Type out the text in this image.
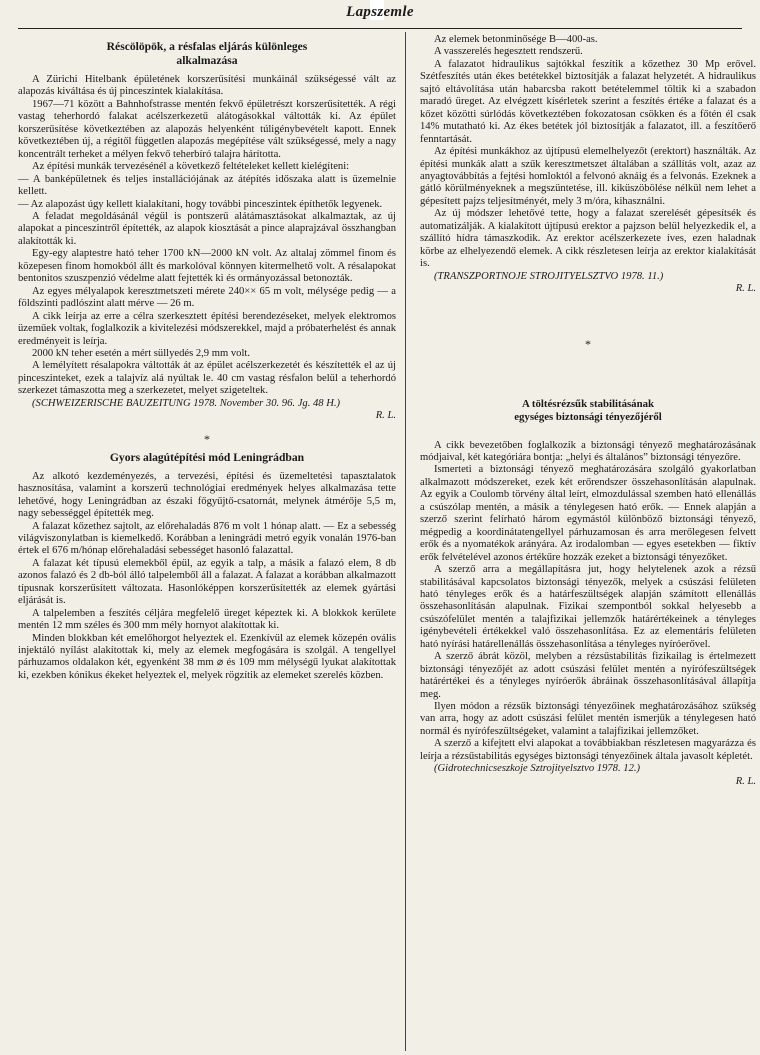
Lapszemle
Réscölöpök, a résfalas eljárás különleges
alkalmazása

A Zürichi Hitelbank épületének korszerűsítési munkáinál szükségessé vált az alapozás kiváltása és új pinceszintek kialakítása.

1967—71 között a Bahnhofstrasse mentén fekvő épületrészt korszerűsítették. A régi vastag teherhordó falakat acélszerkezetű alátogásokkal váltották ki. Az épület korszerűsítése következtében az alapozás helyenként túligénybevételt kapott. Ennek következtében új, a régitől független alapozás megépítése vált szükségessé, mely a nagy koncentrált terheket a mélyen fekvő teherbíró talajra hárította.

Az építési munkák tervezésénél a következő feltételeket kellett kielégíteni:

— A banképületnek és teljes installációjának az átépítés időszaka alatt is üzemelnie kellett.

— Az alapozást úgy kellett kialakítani, hogy további pinceszintek építhetők legyenek.

A feladat megoldásánál végül is pontszerű alátámasztásokat alkalmaztak, az új alapokat a pinceszintről építették, az alapok kiosztását a pince alaprajzával összhangban alakították ki.

Egy-egy alaptestre ható teher 1700 kN—2000 kN volt. Az altalaj zömmel finom és közepesen finom homokból állt és markolóval könnyen kitermelhető volt. A résalapokat bentonitos szuszpenzió védelme alatt fejtették ki és ormányozással betonozták.

Az egyes mélyalapok keresztmetszeti mérete 240×× 65 m volt, mélysége pedig — a földszinti padlószint alatt mérve — 26 m.

A cikk leírja az erre a célra szerkesztett építési berendezéseket, melyek elektromos üzeműek voltak, foglalkozik a kivitelezési módszerekkel, majd a próbaterhelést és annak eredményeit is leírja.

2000 kN teher esetén a mért süllyedés 2,9 mm volt.

A lemélyített résalapokra váltották át az épület acélszerkezetét és készítették el az új pinceszinteket, ezek a talajvíz alá nyúltak le. 40 cm vastag résfalon belül a teherhordó szerkezet támaszotta meg a szerkezetet, melyet szigeteltek.

(SCHWEIZERISCHE BAUZEITUNG 1978. November 30. 96. Jg. 48 H.)

R. L.
*
Gyors alagútépítési mód Leningrádban

Az alkotó kezdeményezés, a tervezési, építési és üzemeltetési tapasztalatok hasznosítása, valamint a korszerű technológiai eredmények helyes alkalmazása tette lehetővé, hogy Leningrádban az északi főgyűjtő-csatornát, melynek átmérője 5,5 m, nagy sebességgel építették meg.

A falazat kőzethez sajtolt, az előrehaladás 876 m volt 1 hónap alatt. — Ez a sebesség világviszonylatban is kiemelkedő. Korábban a leningrádi metró egyik vonalán 1976-ban értek el 676 m/hónap előrehaladási sebességet hasonló falazattal.

A falazat két típusú elemekből épül, az egyik a talp, a másik a falazó elem, 8 db azonos falazó és 2 db-ból álló talpelemből áll a falazat. A falazat a korábban alkalmazott típusnak korszerűsített változata. Hasonlóképpen korszerűsítették az elemek gyártási eljárását is.

A talpelemben a feszítés céljára megfelelő üreget képeztek ki. A blokkok kerülete mentén 12 mm széles és 300 mm mély hornyot alakítottak ki.

Minden blokkban két emelőhorgot helyeztek el. Ezenkívül az elemek közepén ovális injektáló nyílást alakítottak ki, mely az elemek megfogására is szolgál. A tengellyel párhuzamos oldalakon két, egyenként 38 mm ⌀ és 109 mm mélységű lyukat alakítottak ki, ezekben kónikus ékeket helyeztek el, melyek rögzítik az elemeket szerelés közben.

Az elemek betonminősége B—400-as.

A vasszerelés hegesztett rendszerű.

A falazatot hidraulikus sajtókkal feszítik a kőzethez 30 Mp erővel. Szétfeszítés után ékes betétekkel biztosítják a falazat helyzetét. A hidraulikus sajtó eltávolítása után habarcsba rakott betételemmel töltik ki a szabadon maradó üreget. Az elvégzett kísérletek szerint a feszítés értéke a falazat és a kőzet közötti súrlódás következtében fokozatosan csökken és a főtén él csak 14% mutatható ki. Az ékes betétek jól biztosítják a falazatot, ill. a feszítőerő fenntartását.

Az építési munkákhoz az újtípusú elemelhelyezőt (erektort) használták. Az építési munkák alatt a szűk keresztmetszet általában a szállítás volt, azaz az anyagtovábbítás a fejtési homloktól a felvonó aknáig és a felvonás. Ezeknek a gátló körülményeknek a megszüntetése, ill. kiküszöbölése nélkül nem lehet a gépesített pajzs teljesítményét, mely 3 m/óra, kihasználni.

Az új módszer lehetővé tette, hogy a falazat szerelését gépesítsék és automatizálják. A kialakított újtípusú erektor a pajzson belül helyezkedik el, a szállító hídra támaszkodik. Az erektor acélszerkezete íves, ezen haladnak körbe az elhelyezendő elemek. A cikk részletesen leírja az erektor kialakítását is.

(TRANSZPORTNOJE STROJITYELSZTVO 1978. 11.)

R. L.
*
A töltésrézsűk stabilitásának
egységes biztonsági tényezőjéről

A cikk bevezetőben foglalkozik a biztonsági tényező meghatározásának módjaival, két kategóriára bontja: „helyi és általános” biztonsági tényezőre.

Ismerteti a biztonsági tényező meghatározására szolgáló gyakorlatban alkalmazott módszereket, ezek két erőrendszer összehasonlításán alapulnak. Az egyik a Coulomb törvény által leírt, elmozdulással szemben ható ellenállás a csúszólap mentén, a másik a ténylegesen ható erők. — Ennek alapján a szerző szerint felírható három egymástól különböző biztonsági tényező, mégpedig a koordinátatengellyel párhuzamosan és arra merőlegesen felvett erők és a nyomatékok arányára. Az irodalomban — egyes esetekben — fiktív erők felvételével azonos értékűre hozzák ezeket a biztonsági tényezőket.

A szerző arra a megállapításra jut, hogy helytelenek azok a rézsű stabilitásával kapcsolatos biztonsági tényezők, melyek a csúszási felületen ható tényleges erők és a határfeszültségek alapján számított ellenállás összehasonlításán alapulnak. Fizikai szempontból sokkal helyesebb a csúszófelület mentén a talajfizikai jellemzők határértékeinek a tényleges igénybevételi értékekkel való összehasonlítása. Ez az elementáris felületen ható nyírási határellenállás összehasonlítása a tényleges nyíróerővel.

A szerző ábrát közöl, melyben a rézsűstabilitás fizikailag is értelmezett biztonsági tényezőjét az adott csúszási felület mentén a nyírófeszültségek határértékei és a tényleges nyíróerők ábráinak összehasonlításával állapítja meg.

Ilyen módon a rézsűk biztonsági tényezőinek meghatározásához szükség van arra, hogy az adott csúszási felület mentén ismerjük a ténylegesen ható normál és nyírófeszültségeket, valamint a talajfizikai jellemzőket.

A szerző a kifejtett elvi alapokat a továbbiakban részletesen magyarázza és leírja a rézsűstabilitás egységes biztonsági tényezőinek általa javasolt képletét.

(Gidrotechnicseszkoje Sztrojityelsztvo 1978. 12.)

R. L.
